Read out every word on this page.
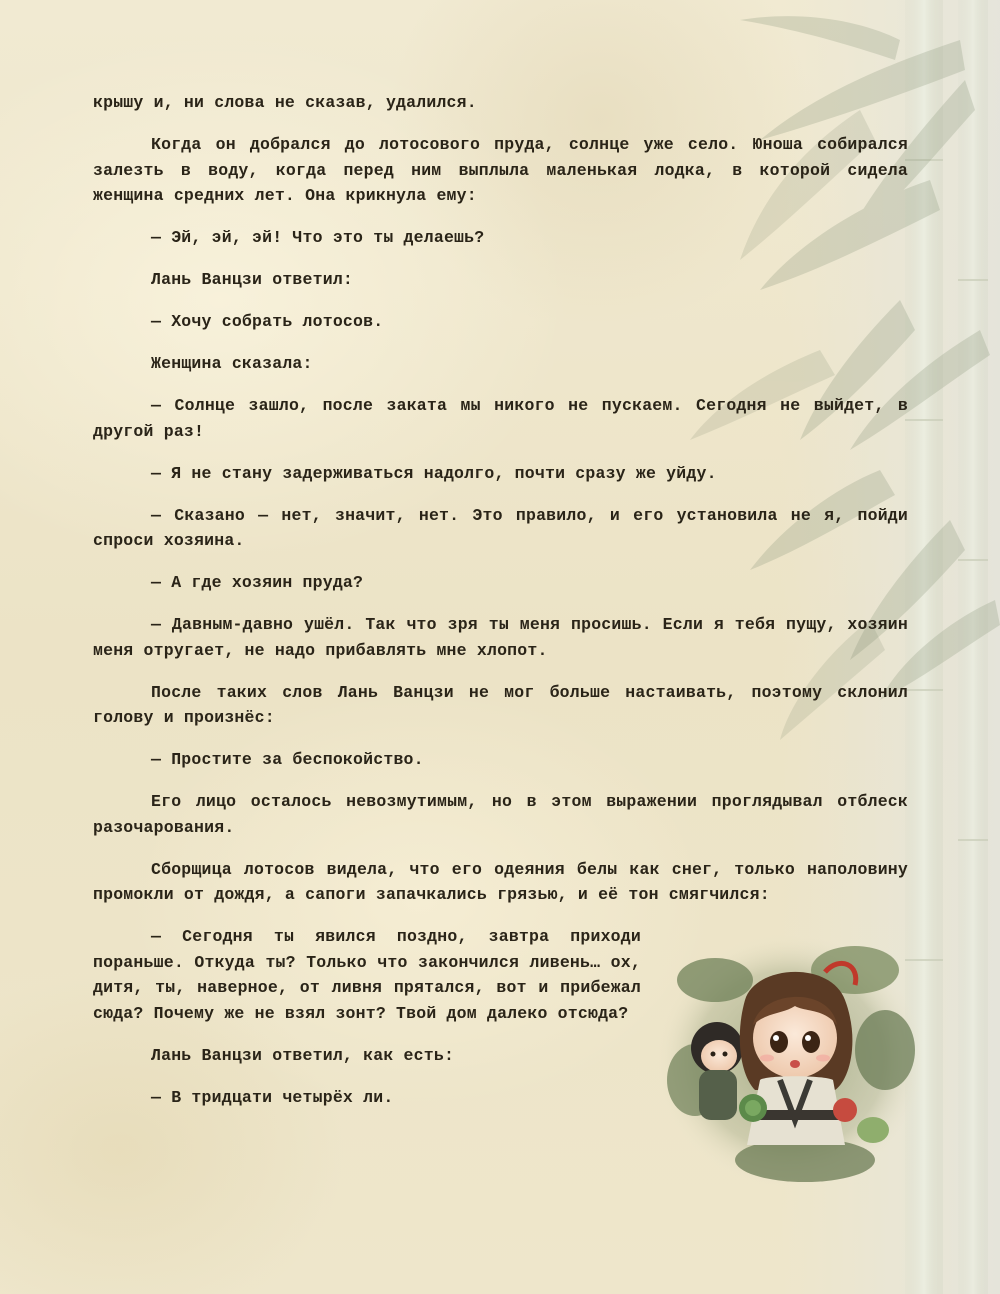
крышу и, ни слова не сказав, удалился.

Когда он добрался до лотосового пруда, солнце уже село. Юноша собирался залезть в воду, когда перед ним выплыла маленькая лодка, в которой сидела женщина средних лет. Она крикнула ему:

— Эй, эй, эй! Что это ты делаешь?

Лань Ванцзи ответил:

— Хочу собрать лотосов.

Женщина сказала:

— Солнце зашло, после заката мы никого не пускаем. Сегодня не выйдет, в другой раз!

— Я не стану задерживаться надолго, почти сразу же уйду.

— Сказано — нет, значит, нет. Это правило, и его установила не я, пойди спроси хозяина.

— А где хозяин пруда?

— Давным-давно ушёл. Так что зря ты меня просишь. Если я тебя пущу, хозяин меня отругает, не надо прибавлять мне хлопот.

После таких слов Лань Ванцзи не мог больше настаивать, поэтому склонил голову и произнёс:

— Простите за беспокойство.

Его лицо осталось невозмутимым, но в этом выражении проглядывал отблеск разочарования.

Сборщица лотосов видела, что его одеяния белы как снег, только наполовину промокли от дождя, а сапоги запачкались грязью, и её тон смягчился:

— Сегодня ты явился поздно, завтра приходи пораньше. Откуда ты? Только что закончился ливень… ох, дитя, ты, наверное, от ливня прятался, вот и прибежал сюда? Почему же не взял зонт? Твой дом далеко отсюда?

Лань Ванцзи ответил, как есть:

— В тридцати четырёх ли.
